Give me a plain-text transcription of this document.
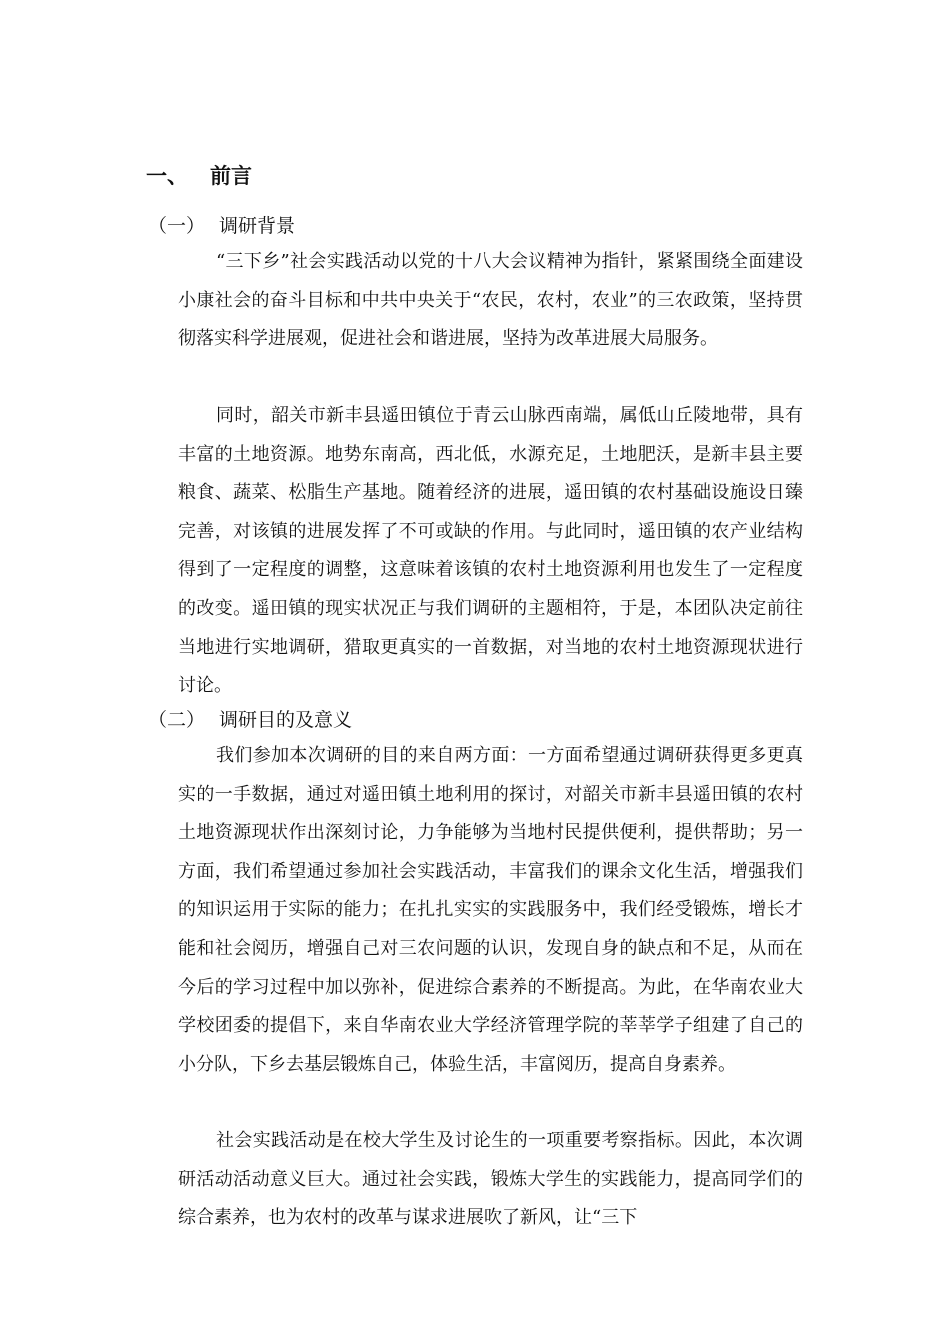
一、 前言
（一） 调研背景

“三下乡”社会实践活动以党的十八大会议精神为指针，紧紧围绕全面建设小康社会的奋斗目标和中共中央关于“农民，农村，农业”的三农政策，坚持贯彻落实科学进展观，促进社会和谐进展，坚持为改革进展大局服务。

同时，韶关市新丰县遥田镇位于青云山脉西南端，属低山丘陵地带，具有丰富的土地资源。地势东南高，西北低，水源充足，土地肥沃，是新丰县主要粮食、蔬菜、松脂生产基地。随着经济的进展，遥田镇的农村基础设施设日臻完善，对该镇的进展发挥了不可或缺的作用。与此同时，遥田镇的农产业结构得到了一定程度的调整，这意味着该镇的农村土地资源利用也发生了一定程度的改变。遥田镇的现实状况正与我们调研的主题相符，于是，本团队决定前往当地进行实地调研，猎取更真实的一首数据，对当地的农村土地资源现状进行讨论。

（二） 调研目的及意义

我们参加本次调研的目的来自两方面：一方面希望通过调研获得更多更真实的一手数据，通过对遥田镇土地利用的探讨，对韶关市新丰县遥田镇的农村土地资源现状作出深刻讨论，力争能够为当地村民提供便利，提供帮助；另一方面，我们希望通过参加社会实践活动，丰富我们的课余文化生活，增强我们的知识运用于实际的能力；在扎扎实实的实践服务中，我们经受锻炼，增长才能和社会阅历，增强自己对三农问题的认识，发现自身的缺点和不足，从而在今后的学习过程中加以弥补，促进综合素养的不断提高。为此，在华南农业大学校团委的提倡下，来自华南农业大学经济管理学院的莘莘学子组建了自己的小分队，下乡去基层锻炼自己，体验生活，丰富阅历，提高自身素养。

社会实践活动是在校大学生及讨论生的一项重要考察指标。因此，本次调研活动活动意义巨大。通过社会实践，锻炼大学生的实践能力，提高同学们的综合素养，也为农村的改革与谋求进展吹了新风，让“三下
